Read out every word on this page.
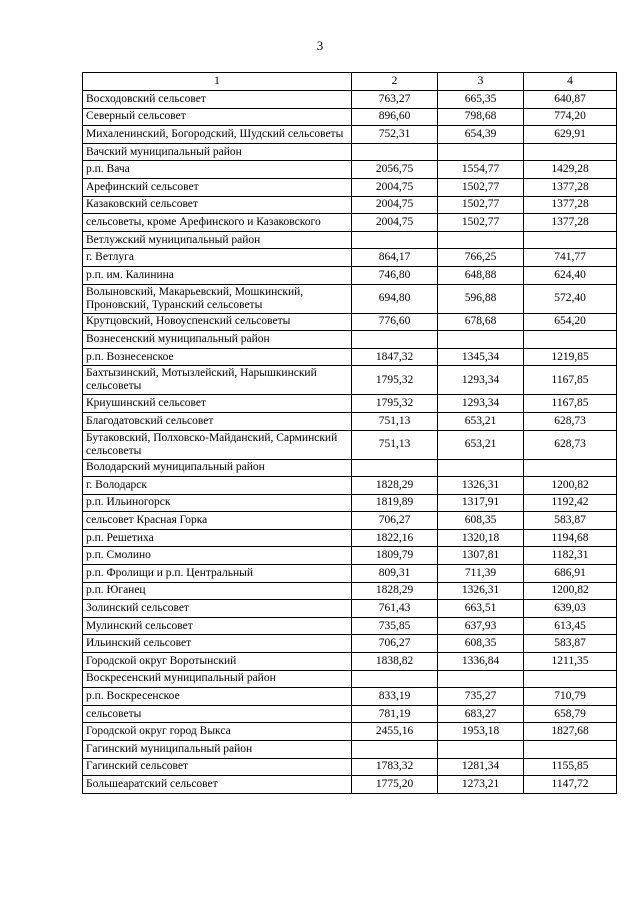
3
1	2	3	4
Восходовский сельсовет	763,27	665,35	640,87
Северный сельсовет	896,60	798,68	774,20
Михаленинский, Богородский, Шудский сельсоветы	752,31	654,39	629,91
Вачский муниципальный район			
р.п. Вача	2056,75	1554,77	1429,28
Арефинский сельсовет	2004,75	1502,77	1377,28
Казаковский сельсовет	2004,75	1502,77	1377,28
сельсоветы, кроме Арефинского и Казаковского	2004,75	1502,77	1377,28
Ветлужский муниципальный район			
г. Ветлуга	864,17	766,25	741,77
р.п. им. Калинина	746,80	648,88	624,40
Волыновский, Макарьевский, Мошкинский, Проновский, Туранский сельсоветы	694,80	596,88	572,40
Крутцовский, Новоуспенский сельсоветы	776,60	678,68	654,20
Вознесенский муниципальный район			
р.п. Вознесенское	1847,32	1345,34	1219,85
Бахтызинский, Мотызлейский, Нарышкинский сельсоветы	1795,32	1293,34	1167,85
Криушинский сельсовет	1795,32	1293,34	1167,85
Благодатовский сельсовет	751,13	653,21	628,73
Бутаковский, Полховско-Майданский, Сарминский сельсоветы	751,13	653,21	628,73
Володарский муниципальный район			
г. Володарск	1828,29	1326,31	1200,82
р.п. Ильиногорск	1819,89	1317,91	1192,42
сельсовет Красная Горка	706,27	608,35	583,87
р.п. Решетиха	1822,16	1320,18	1194,68
р.п. Смолино	1809,79	1307,81	1182,31
р.п. Фролищи и р.п. Центральный	809,31	711,39	686,91
р.п. Юганец	1828,29	1326,31	1200,82
Золинский сельсовет	761,43	663,51	639,03
Мулинский сельсовет	735,85	637,93	613,45
Ильинский сельсовет	706,27	608,35	583,87
Городской округ Воротынский	1838,82	1336,84	1211,35
Воскресенский муниципальный район			
р.п. Воскресенское	833,19	735,27	710,79
сельсоветы	781,19	683,27	658,79
Городской округ город Выкса	2455,16	1953,18	1827,68
Гагинский муниципальный район			
Гагинский сельсовет	1783,32	1281,34	1155,85
Большеаратский сельсовет	1775,20	1273,21	1147,72
